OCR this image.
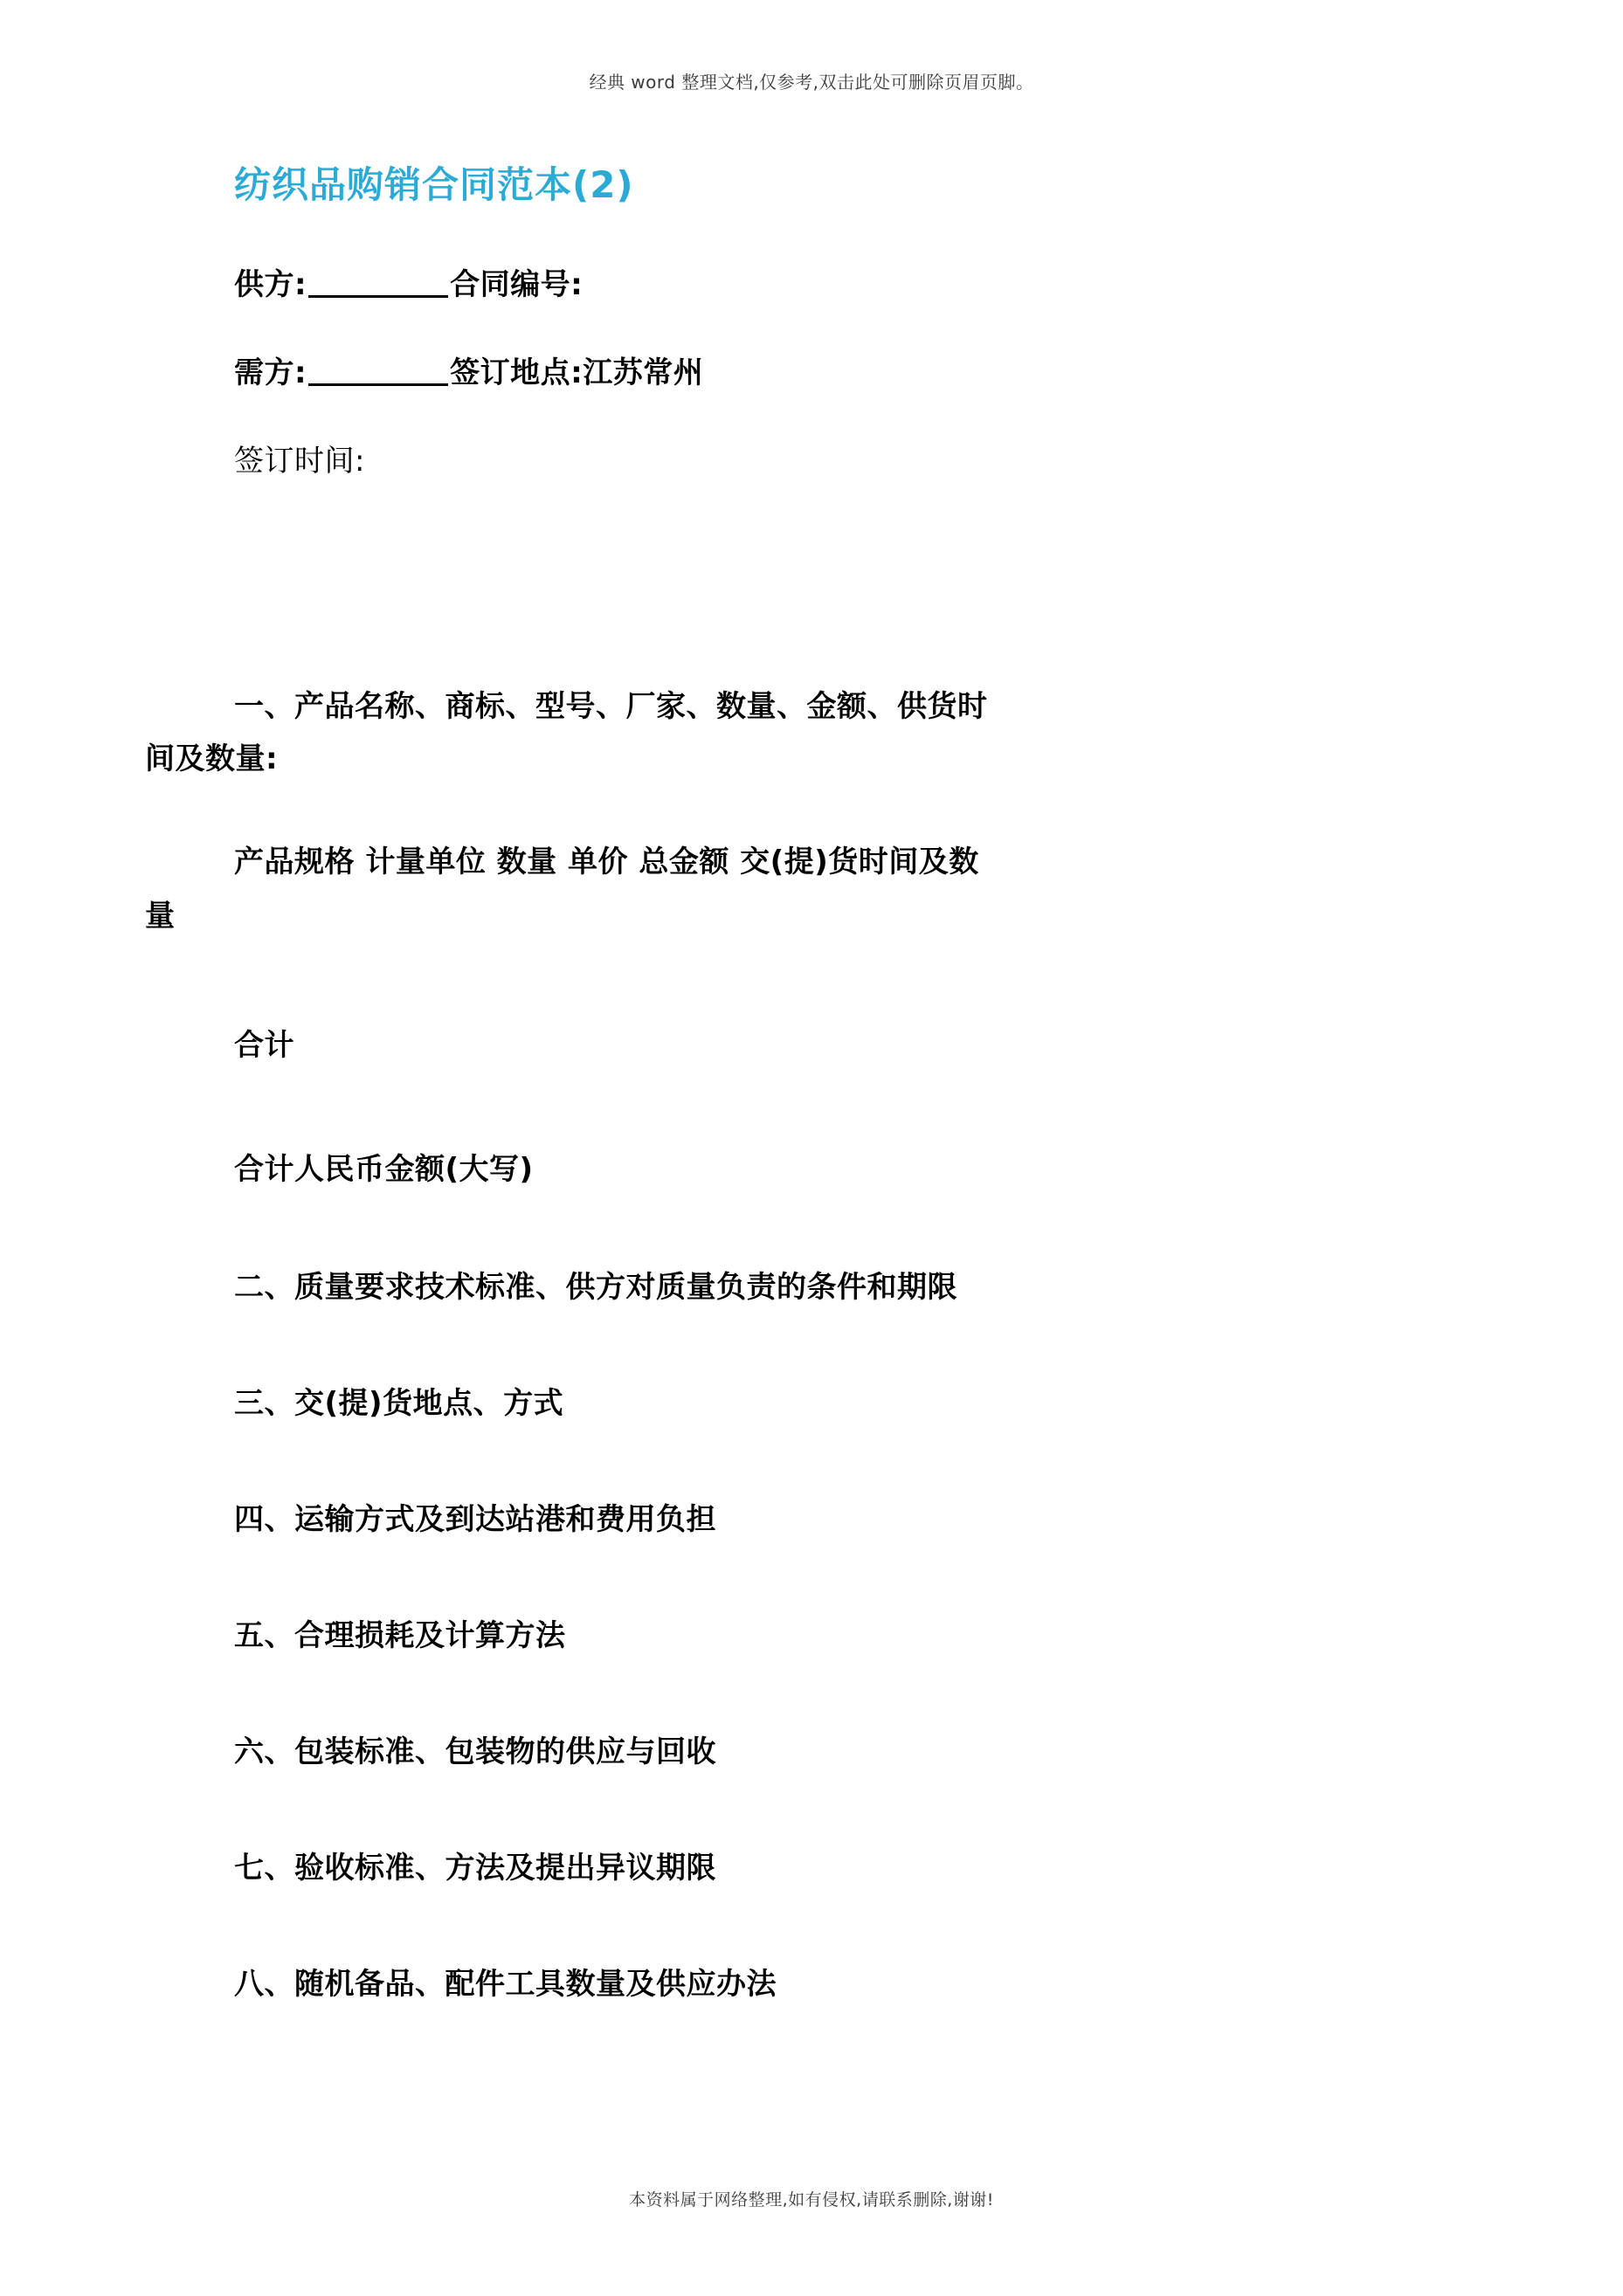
经典 word 整理文档,仅参考,双击此处可删除页眉页脚。
纺织品购销合同范本(2)

供方:	合同编号:

需方:	签订地点:江苏常州

签订时间:

一、产品名称、商标、型号、厂家、数量、金额、供货时

间及数量:

产品规格 计量单位 数量 单价 总金额 交(提)货时间及数

量

合计

合计人民币金额(大写)

二、质量要求技术标准、供方对质量负责的条件和期限

三、交(提)货地点、方式

四、运输方式及到达站港和费用负担

五、合理损耗及计算方法

六、包装标准、包装物的供应与回收

七、验收标准、方法及提出异议期限

八、随机备品、配件工具数量及供应办法

本资料属于网络整理,如有侵权,请联系删除,谢谢!
